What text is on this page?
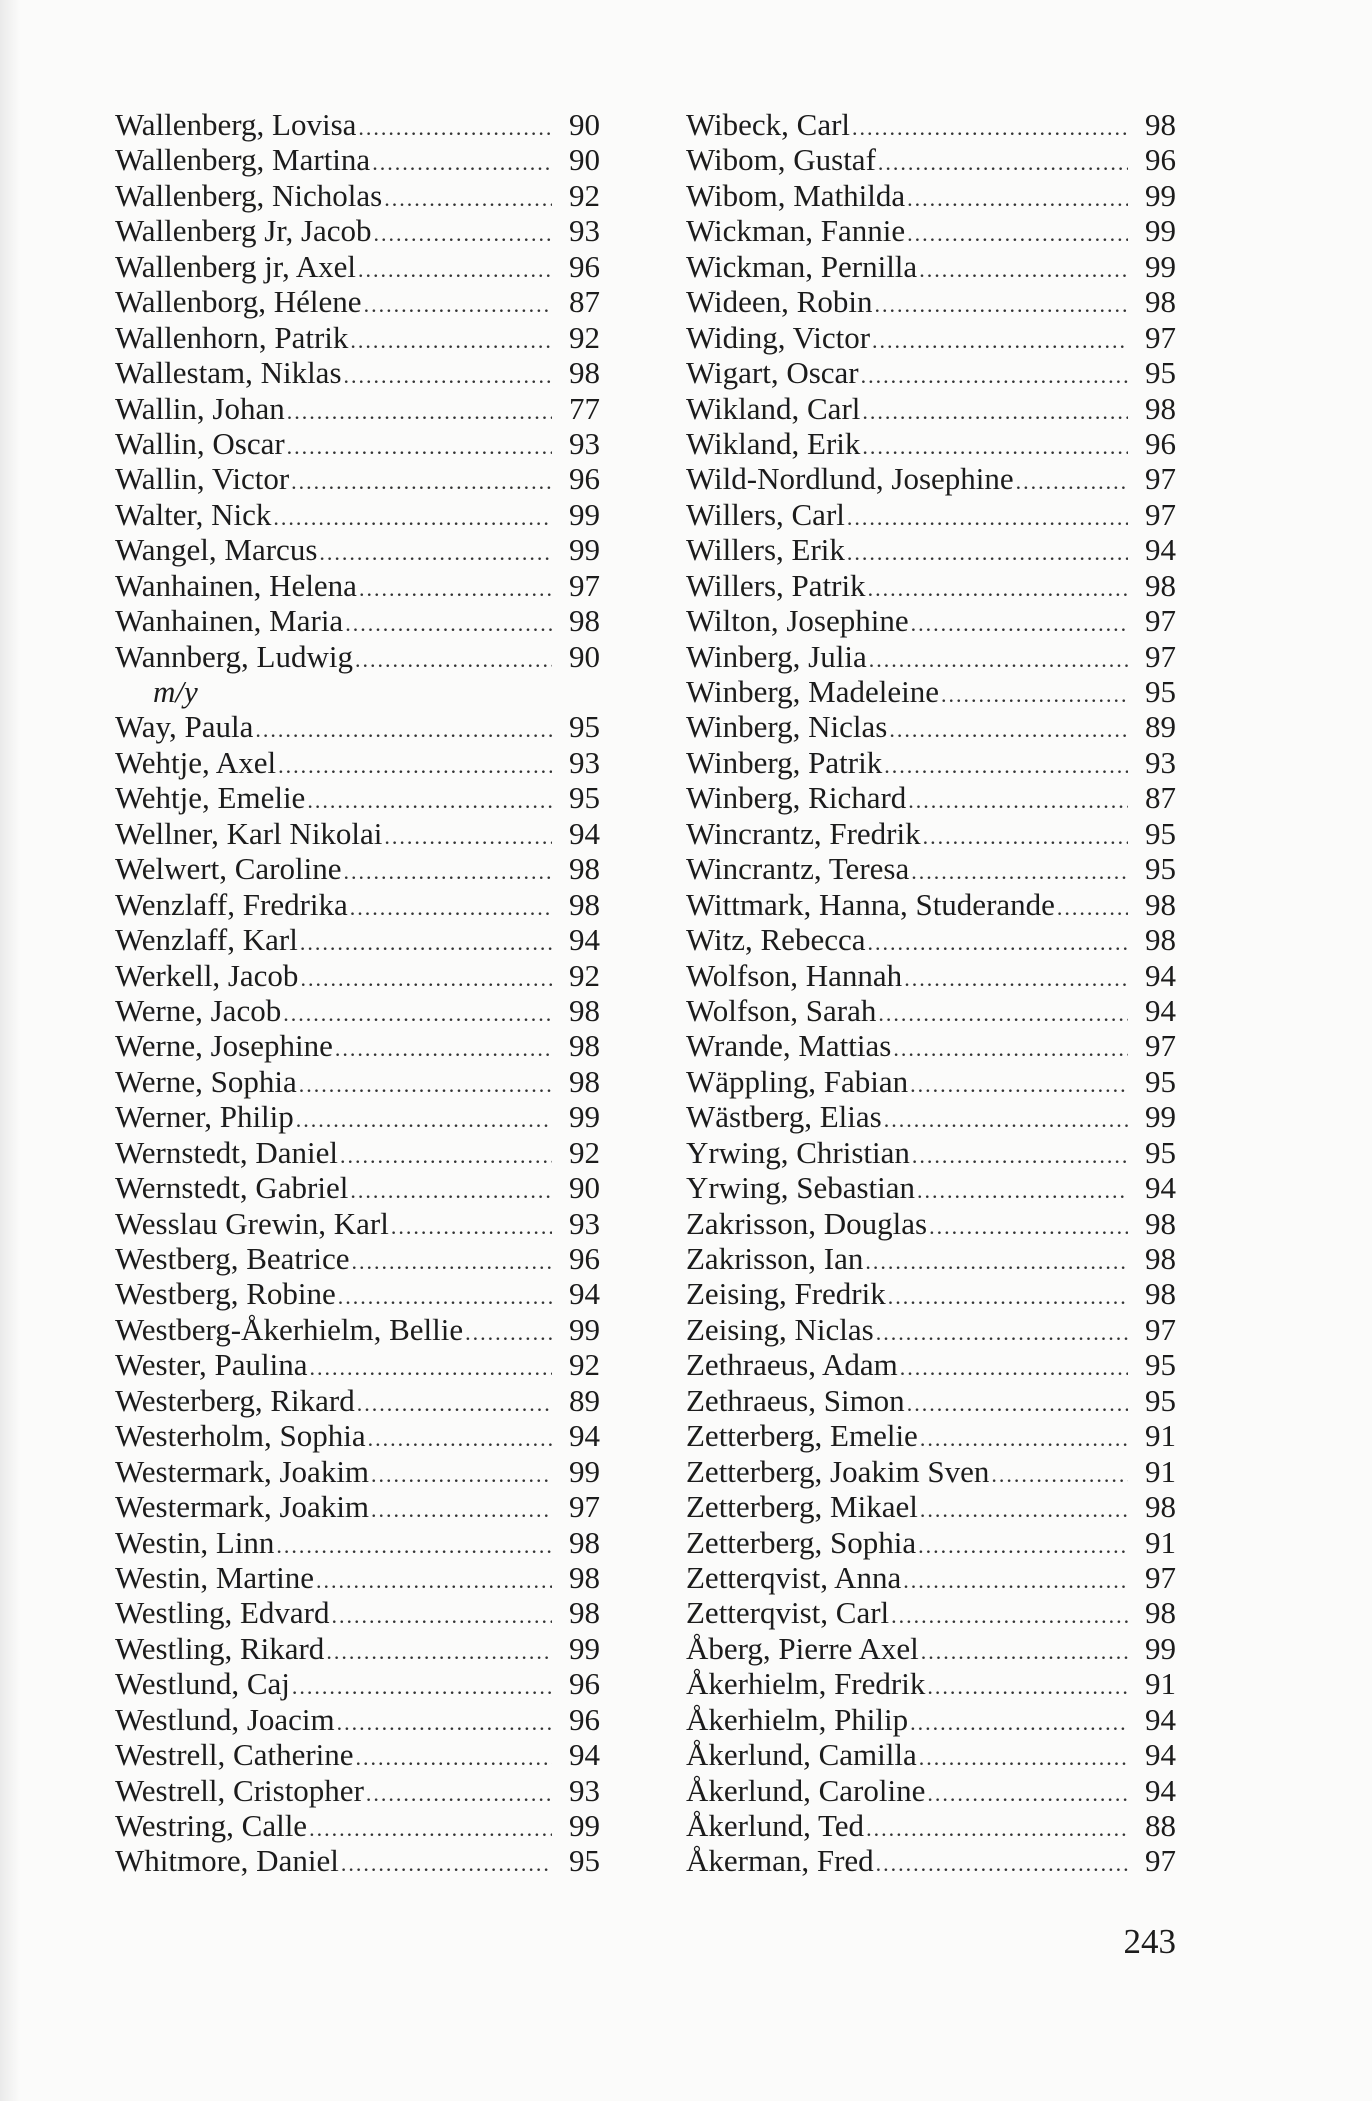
Wallenberg, Lovisa .....	90
Wallenberg, Martina .....	90
Wallenberg, Nicholas .....	92
Wallenberg Jr, Jacob .....	93
Wallenberg jr, Axel .....	96
Wallenborg, Hélene .....	87
Wallenhorn, Patrik .....	92
Wallestam, Niklas .....	98
Wallin, Johan .....	77
Wallin, Oscar .....	93
Wallin, Victor .....	96
Walter, Nick .....	99
Wangel, Marcus .....	99
Wanhainen, Helena .....	97
Wanhainen, Maria .....	98
Wannberg, Ludwig .....	90
m/y
Way, Paula .....	95
Wehtje, Axel .....	93
Wehtje, Emelie .....	95
Wellner, Karl Nikolai .....	94
Welwert, Caroline .....	98
Wenzlaff, Fredrika .....	98
Wenzlaff, Karl .....	94
Werkell, Jacob .....	92
Werne, Jacob .....	98
Werne, Josephine .....	98
Werne, Sophia .....	98
Werner, Philip .....	99
Wernstedt, Daniel .....	92
Wernstedt, Gabriel .....	90
Wesslau Grewin, Karl .....	93
Westberg, Beatrice .....	96
Westberg, Robine .....	94
Westberg-Åkerhielm, Bellie .....	99
Wester, Paulina .....	92
Westerberg, Rikard .....	89
Westerholm, Sophia .....	94
Westermark, Joakim .....	99
Westermark, Joakim .....	97
Westin, Linn .....	98
Westin, Martine .....	98
Westling, Edvard .....	98
Westling, Rikard .....	99
Westlund, Caj .....	96
Westlund, Joacim .....	96
Westrell, Catherine .....	94
Westrell, Cristopher .....	93
Westring, Calle .....	99
Whitmore, Daniel .....	95
Wibeck, Carl .....	98
Wibom, Gustaf .....	96
Wibom, Mathilda .....	99
Wickman, Fannie .....	99
Wickman, Pernilla .....	99
Wideen, Robin .....	98
Widing, Victor .....	97
Wigart, Oscar .....	95
Wikland, Carl .....	98
Wikland, Erik .....	96
Wild-Nordlund, Josephine .....	97
Willers, Carl .....	97
Willers, Erik .....	94
Willers, Patrik .....	98
Wilton, Josephine .....	97
Winberg, Julia .....	97
Winberg, Madeleine .....	95
Winberg, Niclas .....	89
Winberg, Patrik .....	93
Winberg, Richard .....	87
Wincrantz, Fredrik .....	95
Wincrantz, Teresa .....	95
Wittmark, Hanna, Studerande .....	98
Witz, Rebecca .....	98
Wolfson, Hannah .....	94
Wolfson, Sarah .....	94
Wrande, Mattias .....	97
Wäppling, Fabian .....	95
Wästberg, Elias .....	99
Yrwing, Christian .....	95
Yrwing, Sebastian .....	94
Zakrisson, Douglas .....	98
Zakrisson, Ian .....	98
Zeising, Fredrik .....	98
Zeising, Niclas .....	97
Zethraeus, Adam .....	95
Zethraeus, Simon .....	95
Zetterberg, Emelie .....	91
Zetterberg, Joakim Sven .....	91
Zetterberg, Mikael .....	98
Zetterberg, Sophia .....	91
Zetterqvist, Anna .....	97
Zetterqvist, Carl .....	98
Åberg, Pierre Axel .....	99
Åkerhielm, Fredrik .....	91
Åkerhielm, Philip .....	94
Åkerlund, Camilla .....	94
Åkerlund, Caroline .....	94
Åkerlund, Ted .....	88
Åkerman, Fred .....	97
243
